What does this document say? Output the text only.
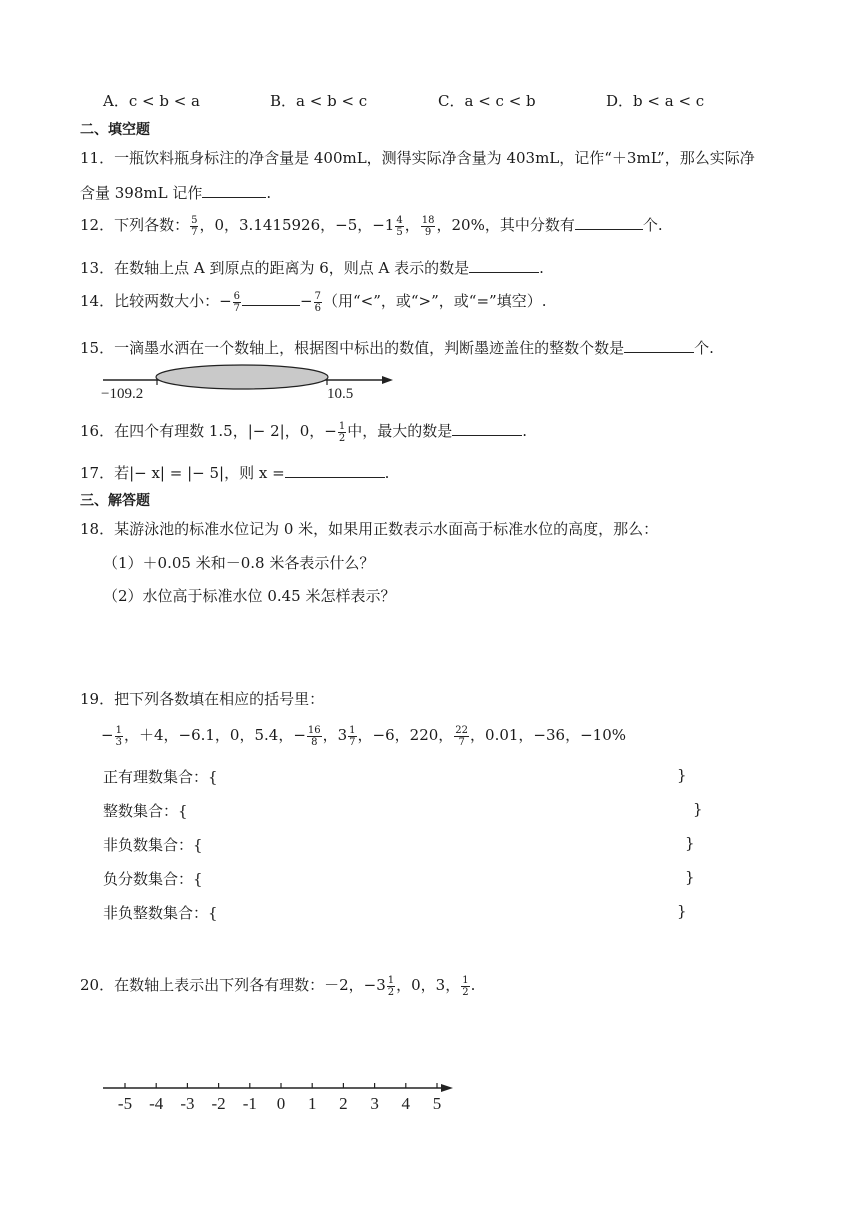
A．c < b < a	B．a < b < c	C．a < c < b	D．b < a < c
二、填空题
11．一瓶饮料瓶身标注的净含量是 400mL，测得实际净含量为 403mL，记作“＋3mL”，那么实际净
含量 398mL 记作	.
12．下列各数： $\frac{5}{7}$ ，0，3.1415926，−5，$-1 \frac{4}{5}$ ， $\frac{18}{9}$ ，20%，其中分数有	个.
13．在数轴上点 A 到原点的距离为 6，则点 A 表示的数是	.
14．比较两数大小：− $\frac{6}{7}$	− $\frac{7}{6}$ （用“<”，或“>”，或“=”填空）.
15．一滴墨水洒在一个数轴上，根据图中标出的数值，判断墨迹盖住的整数个数是	个.
−109.2	10.5
16．在四个有理数 1.5，|− 2|，0，− $\frac{1}{2}$ 中，最大的数是	.
17．若|− x| = |− 5|，则 x =	.
三、解答题
18．某游泳池的标准水位记为 0 米，如果用正数表示水面高于标准水位的高度，那么：
（1）＋0.05 米和－0.8 米各表示什么？
（2）水位高于标准水位 0.45 米怎样表示？
19．把下列各数填在相应的括号里：
− $\frac{1}{3}$ ，＋4，−6.1，0，5.4，− $\frac{16}{8}$ ，$3 \frac{1}{7}$ ，−6，220， $\frac{22}{7}$ ，0.01，−36，−10%
正有理数集合：{	}
整数集合：{	}
非负数集合：{	}
负分数集合：{	}
非负整数集合：{	}
20．在数轴上表示出下列各有理数：－2，$-3 \frac{1}{2}$ ，0，3， $\frac{1}{2}$ .
-5 -4 -3 -2 -1 0 1 2 3 4 5
